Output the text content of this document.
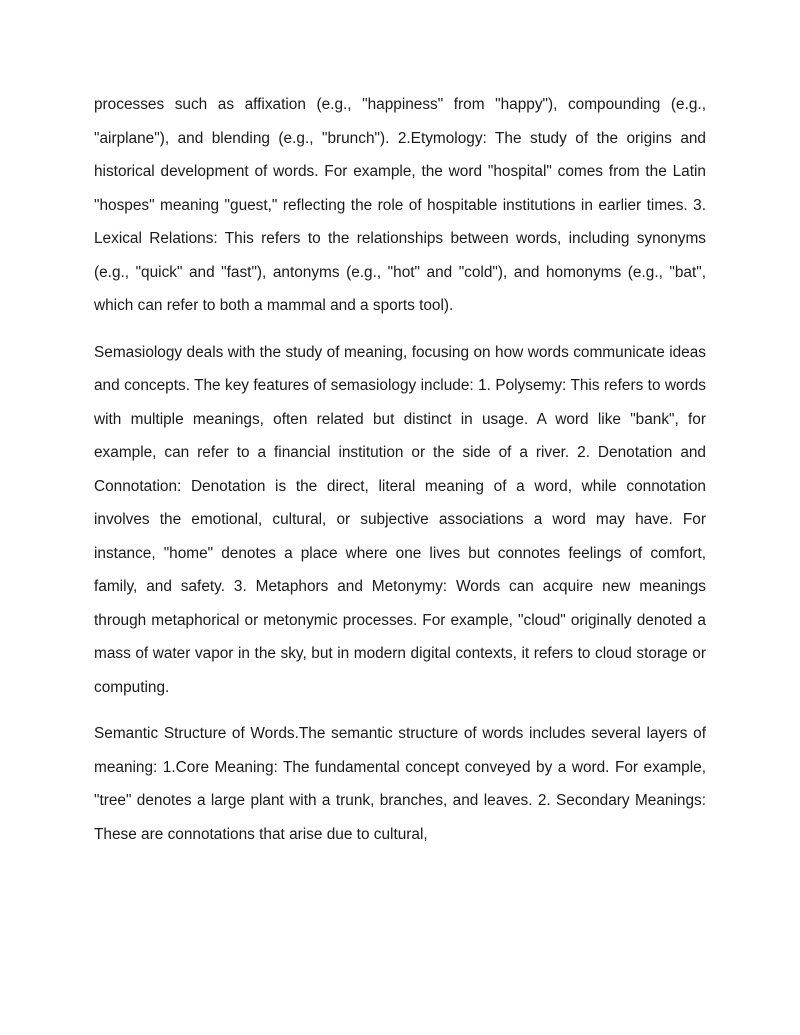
processes such as affixation (e.g., "happiness" from "happy"), compounding (e.g., "airplane"), and blending (e.g., "brunch"). 2.Etymology: The study of the origins and historical development of words. For example, the word "hospital" comes from the Latin "hospes" meaning "guest," reflecting the role of hospitable institutions in earlier times. 3. Lexical Relations: This refers to the relationships between words, including synonyms (e.g., "quick" and "fast"), antonyms (e.g., "hot" and "cold"), and homonyms (e.g., "bat", which can refer to both a mammal and a sports tool).

Semasiology deals with the study of meaning, focusing on how words communicate ideas and concepts. The key features of semasiology include: 1. Polysemy: This refers to words with multiple meanings, often related but distinct in usage. A word like "bank", for example, can refer to a financial institution or the side of a river. 2. Denotation and Connotation: Denotation is the direct, literal meaning of a word, while connotation involves the emotional, cultural, or subjective associations a word may have. For instance, "home" denotes a place where one lives but connotes feelings of comfort, family, and safety. 3. Metaphors and Metonymy: Words can acquire new meanings through metaphorical or metonymic processes. For example, "cloud" originally denoted a mass of water vapor in the sky, but in modern digital contexts, it refers to cloud storage or computing.

Semantic Structure of Words.The semantic structure of words includes several layers of meaning: 1.Core Meaning: The fundamental concept conveyed by a word. For example, "tree" denotes a large plant with a trunk, branches, and leaves. 2. Secondary Meanings: These are connotations that arise due to cultural,
